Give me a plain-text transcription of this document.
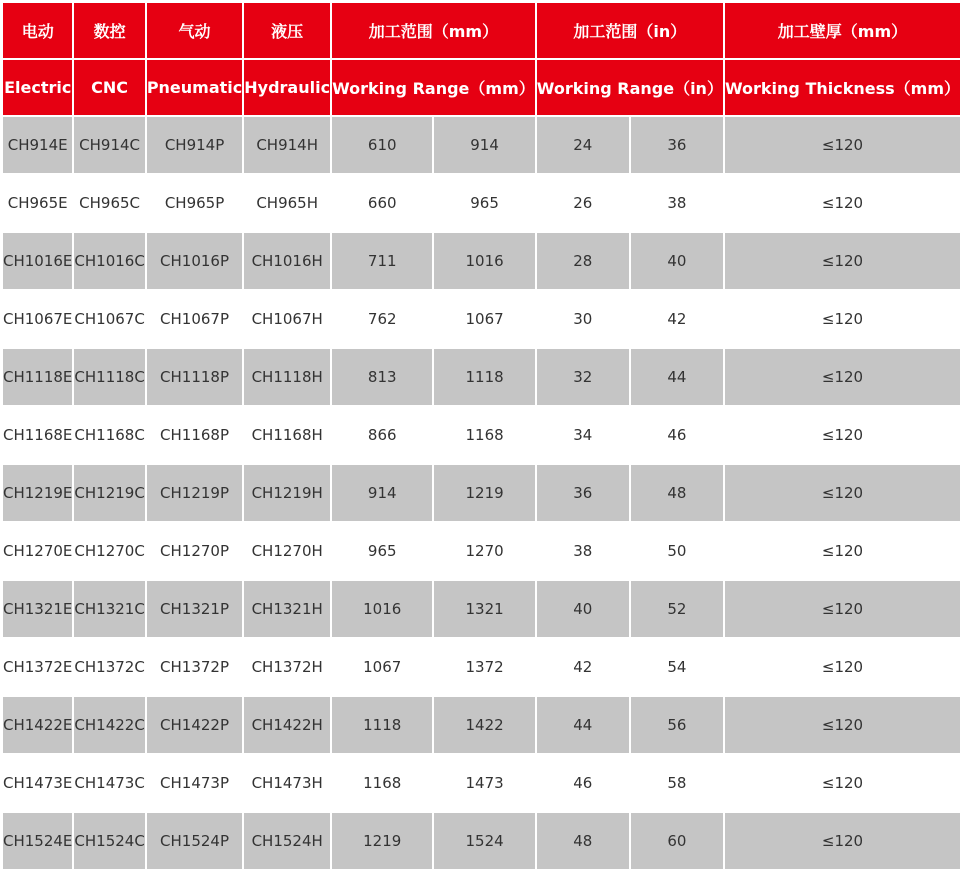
电动	数控	气动	液压	加工范围（mm）		加工范围（in）		加工壁厚（mm）
Electric	CNC	Pneumatic	Hydraulic	Working Range（mm）		Working Range（in）		Working Thickness（mm）
CH914E	CH914C	CH914P	CH914H	610	914	24	36	≤120
CH965E	CH965C	CH965P	CH965H	660	965	26	38	≤120
CH1016E	CH1016C	CH1016P	CH1016H	711	1016	28	40	≤120
CH1067E	CH1067C	CH1067P	CH1067H	762	1067	30	42	≤120
CH1118E	CH1118C	CH1118P	CH1118H	813	1118	32	44	≤120
CH1168E	CH1168C	CH1168P	CH1168H	866	1168	34	46	≤120
CH1219E	CH1219C	CH1219P	CH1219H	914	1219	36	48	≤120
CH1270E	CH1270C	CH1270P	CH1270H	965	1270	38	50	≤120
CH1321E	CH1321C	CH1321P	CH1321H	1016	1321	40	52	≤120
CH1372E	CH1372C	CH1372P	CH1372H	1067	1372	42	54	≤120
CH1422E	CH1422C	CH1422P	CH1422H	1118	1422	44	56	≤120
CH1473E	CH1473C	CH1473P	CH1473H	1168	1473	46	58	≤120
CH1524E	CH1524C	CH1524P	CH1524H	1219	1524	48	60	≤120
